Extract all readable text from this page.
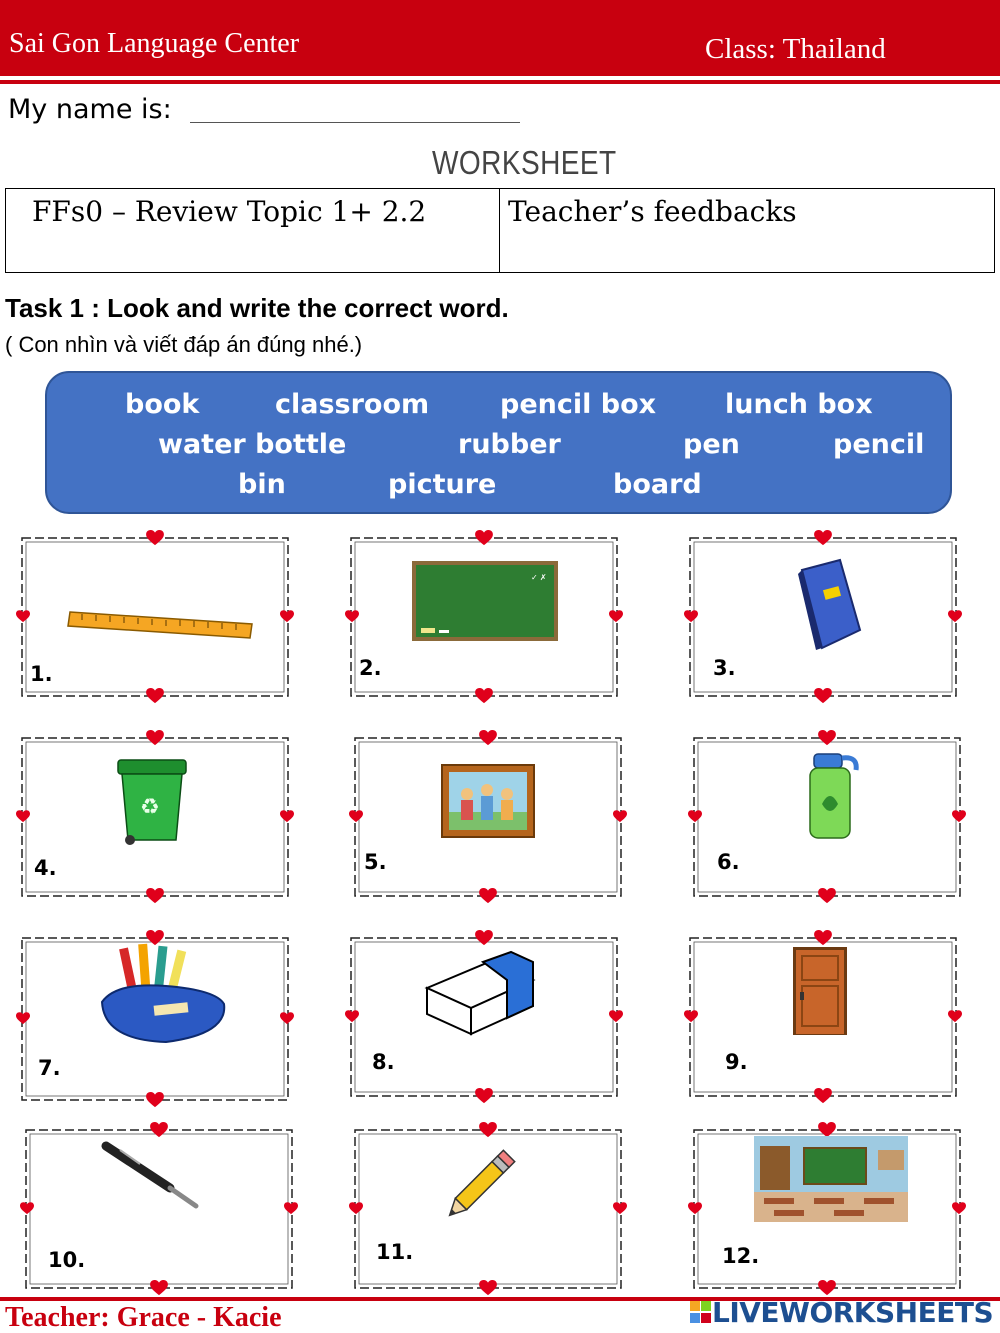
Sai Gon Language Center	Class: Thailand
My name is:
WORKSHEET
FFs0 – Review Topic 1+ 2.2	Teacher’s feedbacks
Task 1 : Look and write the correct word.
( Con nhìn và viết đáp án đúng nhé.)
book	classroom	pencil box	lunch box
water bottle	rubber	pen	pencil
bin	picture	board
1.
✓ ✗
2.	3.
♻
4.	5.	6.
7.	8.	9.
10.	11.	12.
Teacher: Grace - Kacie	LIVEWORKSHEETS
